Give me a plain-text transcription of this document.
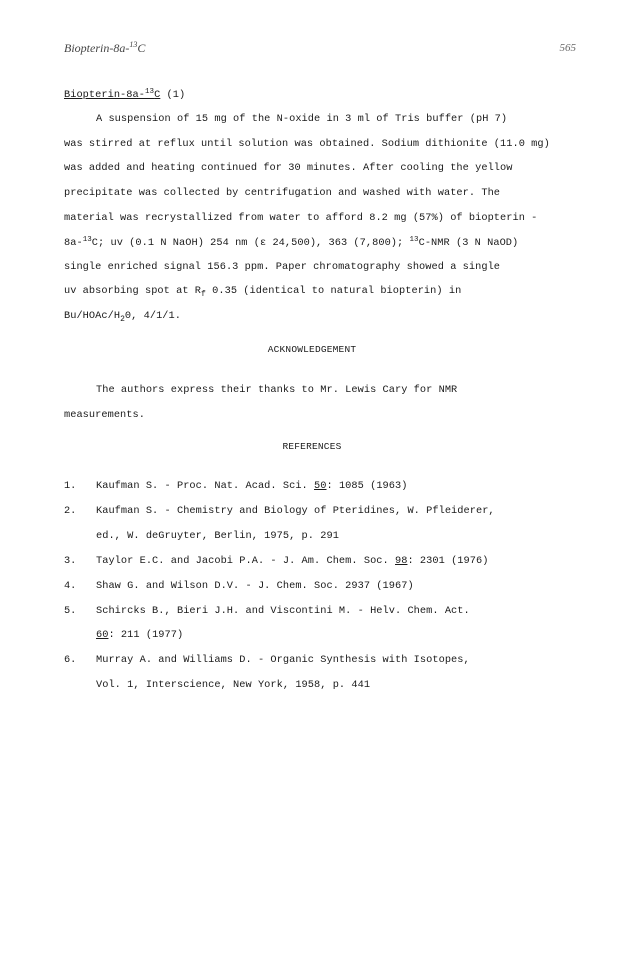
Biopterin-8a-$^{13}$C	565
Biopterin-8a-$^{13}$C (1)
A suspension of 15 mg of the N-oxide in 3 ml of Tris buffer (pH 7)
was stirred at reflux until solution was obtained. Sodium dithionite (11.0 mg)
was added and heating continued for 30 minutes. After cooling the yellow
precipitate was collected by centrifugation and washed with water. The
material was recrystallized from water to afford 8.2 mg (57%) of biopterin -
8a-$^{13}$C; uv (0.1 N NaOH) 254 nm (ε 24,500), 363 (7,800); $^{13}$C-NMR (3 N NaOD)
single enriched signal 156.3 ppm. Paper chromatography showed a single
uv absorbing spot at $R_f$ 0.35 (identical to natural biopterin) in
$Bu/HOAc/H_20$, 4/1/1.
ACKNOWLEDGEMENT
The authors express their thanks to Mr. Lewis Cary for NMR
measurements.
REFERENCES
1. Kaufman S. - Proc. Nat. Acad. Sci. 50: 1085 (1963)
2. Kaufman S. - Chemistry and Biology of Pteridines, W. Pfleiderer,
ed., W. deGruyter, Berlin, 1975, p. 291
3. Taylor E.C. and Jacobi P.A. - J. Am. Chem. Soc. 98: 2301 (1976)
4. Shaw G. and Wilson D.V. - J. Chem. Soc. 2937 (1967)
5. Schircks B., Bieri J.H. and Viscontini M. - Helv. Chem. Act.
60: 211 (1977)
6. Murray A. and Williams D. - Organic Synthesis with Isotopes,
Vol. 1, Interscience, New York, 1958, p. 441
